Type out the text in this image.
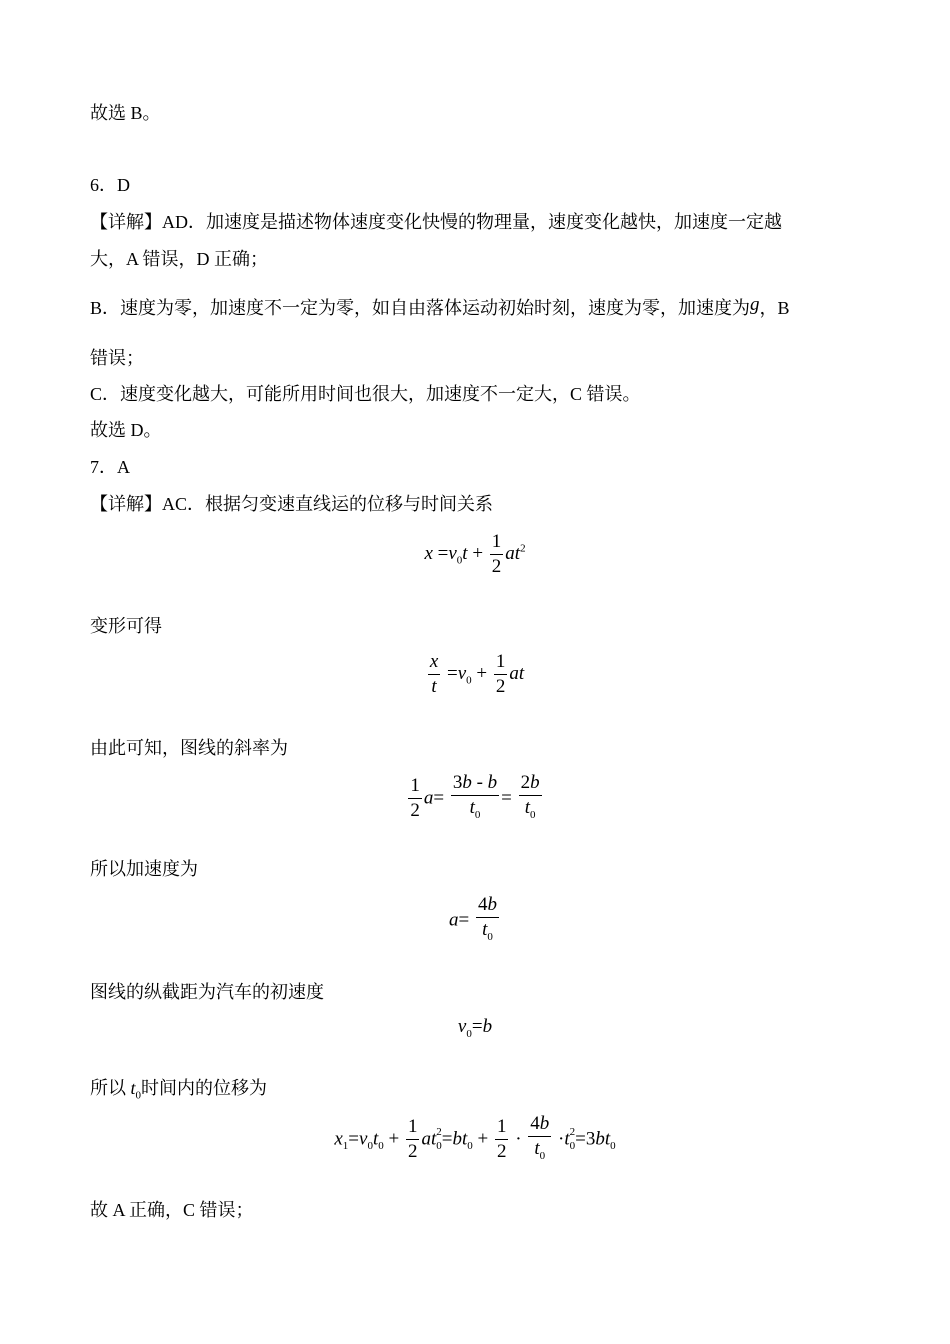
故选 B。
6．D
【详解】AD．加速度是描述物体速度变化快慢的物理量，速度变化越快，加速度一定越
大，A 错误，D 正确；
B．速度为零，加速度不一定为零，如自由落体运动初始时刻，速度为零，加速度为g，B
错误；
C．速度变化越大，可能所用时间也很大，加速度不一定大，C 错误。
故选 D。
7．A
【详解】AC．根据匀变速直线运的位移与时间关系
$x =v_0t + \frac{1}{2} at^2$
变形可得
$\frac{x}{t} =v_0 + \frac{1}{2}$ at
由此可知，图线的斜率为
$\frac{1}{2} a= \frac{3b - b}{t_0} = \frac{2b}{t_0}$
所以加速度为
$a= \frac{4b}{t_0}$
图线的纵截距为汽车的初速度
$v_0=b$
所以 $t_0$时间内的位移为
$x_1=v_0t_0 + \frac{1}{2}$ at $_{2 0}=bt_0 + \frac{1}{2} \cdot \frac{4b}{t_0} \cdot t$ $_{2 0}=3bt_0$
故 A 正确，C 错误；
